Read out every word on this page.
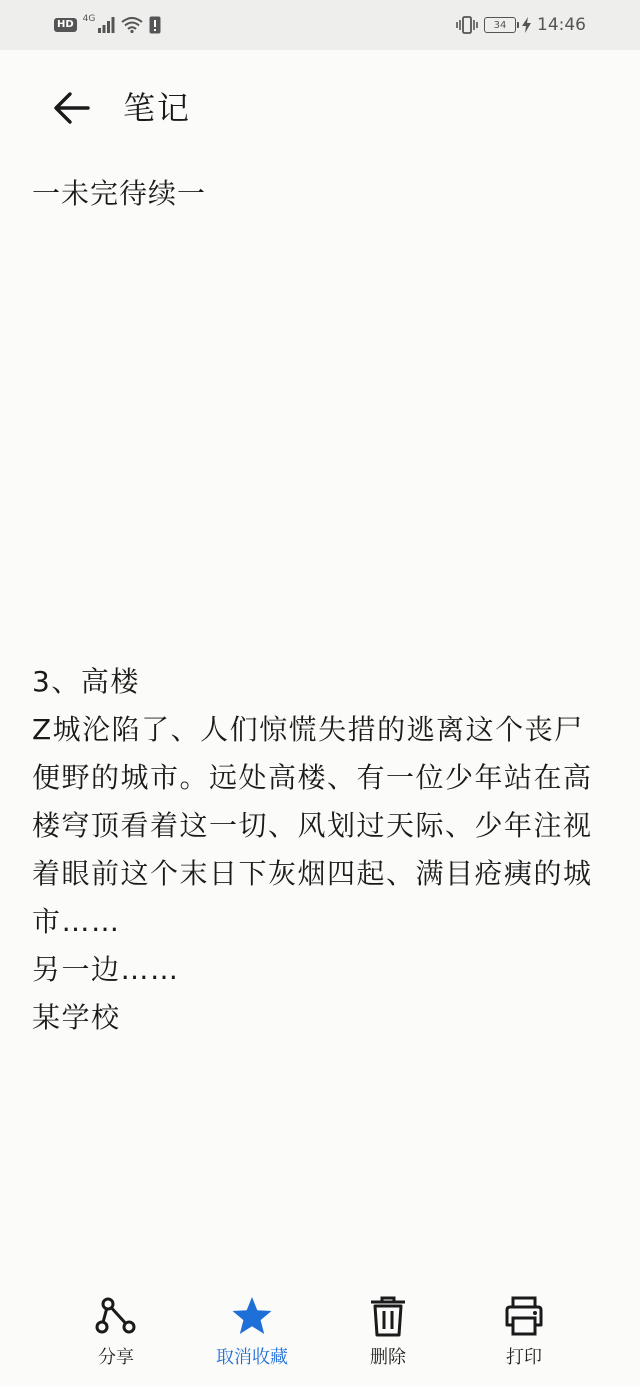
HD	4G
34 14:46
笔记
一未完待续一
3、高楼
Z城沦陷了、人们惊慌失措的逃离这个丧尸便野的城市。远处高楼、有一位少年站在高楼穹顶看着这一切、风划过天际、少年注视着眼前这个末日下灰烟四起、满目疮痍的城市……
另一边……
某学校
分享	取消收藏	删除	打印
